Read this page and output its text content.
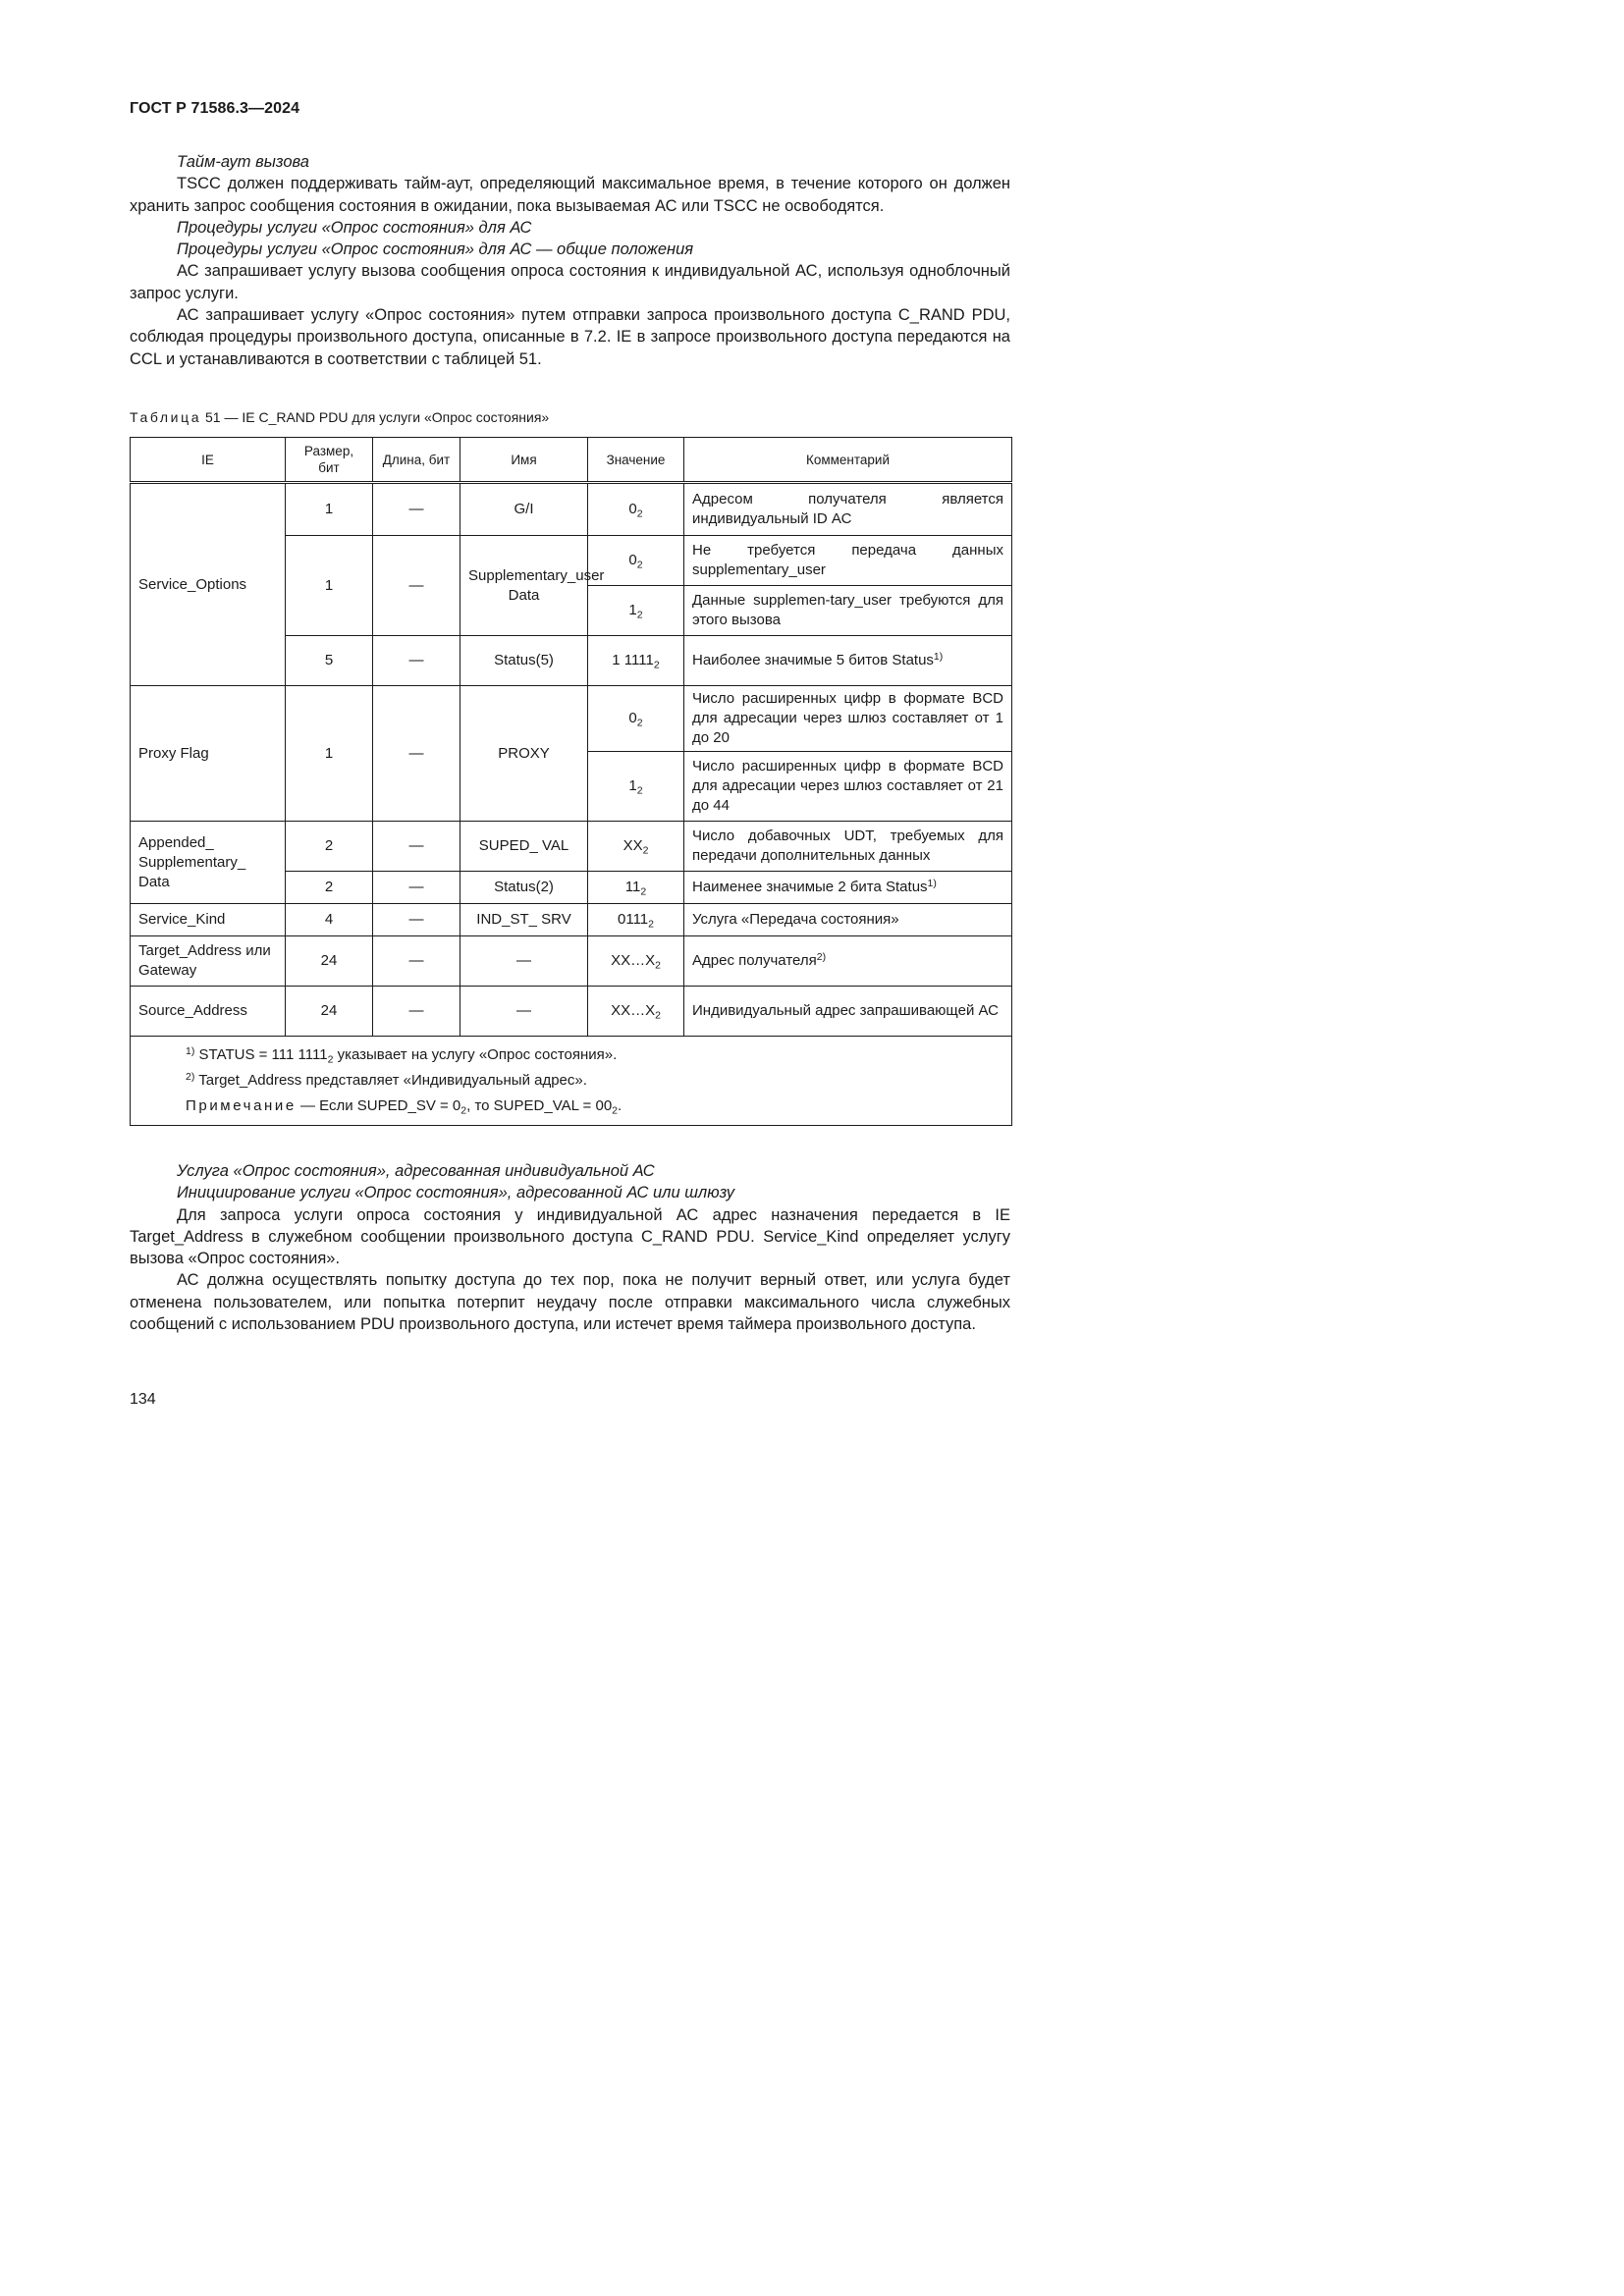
ГОСТ Р 71586.3—2024

Тайм-аут вызова

TSCC должен поддерживать тайм-аут, определяющий максимальное время, в течение которого он должен хранить запрос сообщения состояния в ожидании, пока вызываемая АС или TSCC не освободятся.

Процедуры услуги «Опрос состояния» для АС

Процедуры услуги «Опрос состояния» для АС — общие положения

АС запрашивает услугу вызова сообщения опроса состояния к индивидуальной АС, используя одноблочный запрос услуги.

АС запрашивает услугу «Опрос состояния» путем отправки запроса произвольного доступа C_RAND PDU, соблюдая процедуры произвольного доступа, описанные в 7.2. IE в запросе произвольного доступа передаются на CCL и устанавливаются в соответствии с таблицей 51.

Таблица 51 — IE C_RAND PDU для услуги «Опрос состояния»
IE	Размер, бит	Длина, бит	Имя	Значение	Комментарий
Service_Options	1	—	G/I	$0_2$	Адресом получателя является индивидуальный ID АС
	1	—	Supplementary_user Data	$0_2$	Не требуется передача данных supplementary_user
				$1_2$	Данные supplemen-tary_user требуются для этого вызова
	5	—	Status(5)	1 $1111_2$	Наиболее значимые 5 битов Status$^{1)}$
Proxy Flag	1	—	PROXY	$0_2$	Число расширенных цифр в формате BCD для адресации через шлюз составляет от 1 до 20
				$1_2$	Число расширенных цифр в формате BCD для адресации через шлюз составляет от 21 до 44
Appended_ Supplementary_ Data	2	—	SUPED_ VAL	$XX_2$	Число добавочных UDT, требуемых для передачи дополнительных данных
	2	—	Status(2)	$11_2$	Наименее значимые 2 бита Status$^{1)}$
Service_Kind	4	—	IND_ST_ SRV	$0111_2$	Услуга «Передача состояния»
Target_Address или Gateway	24	—	—	$XX\dots X_2$	Адрес получателя$^{2)}$
Source_Address	24	—	—	$XX\dots X_2$	Индивидуальный адрес запрашивающей АС

$^{1)}$ STATUS = 111 $1111_2$ указывает на услугу «Опрос состояния».
$^{2)}$ Target_Address представляет «Индивидуальный адрес».
Примечание — Если SUPED_SV = $0_2$, то SUPED_VAL = $00_2$.					

Услуга «Опрос состояния», адресованная индивидуальной АС

Инициирование услуги «Опрос состояния», адресованной АС или шлюзу

Для запроса услуги опроса состояния у индивидуальной АС адрес назначения передается в IE Target_Address в служебном сообщении произвольного доступа C_RAND PDU. Service_Kind определяет услугу вызова «Опрос состояния».

АС должна осуществлять попытку доступа до тех пор, пока не получит верный ответ, или услуга будет отменена пользователем, или попытка потерпит неудачу после отправки максимального числа служебных сообщений с использованием PDU произвольного доступа, или истечет время таймера произвольного доступа.

134
